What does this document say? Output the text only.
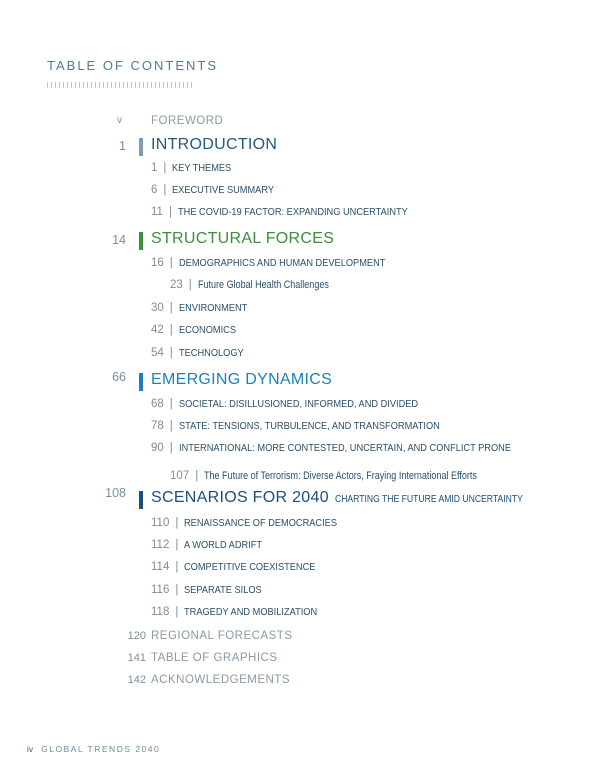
TABLE OF CONTENTS
v	FOREWORD
1 INTRODUCTION
1 | KEY THEMES
6 | EXECUTIVE SUMMARY
11 | THE COVID-19 FACTOR: EXPANDING UNCERTAINTY
14 STRUCTURAL FORCES
16 | DEMOGRAPHICS AND HUMAN DEVELOPMENT
23 | Future Global Health Challenges
30 | ENVIRONMENT
42 | ECONOMICS
54 | TECHNOLOGY
66 EMERGING DYNAMICS
68 | SOCIETAL: DISILLUSIONED, INFORMED, AND DIVIDED
78 | STATE: TENSIONS, TURBULENCE, AND TRANSFORMATION
90 | INTERNATIONAL: MORE CONTESTED, UNCERTAIN, AND CONFLICT PRONE
107 | The Future of Terrorism: Diverse Actors, Fraying International Efforts
108 SCENARIOS FOR 2040 CHARTING THE FUTURE AMID UNCERTAINTY
110 | RENAISSANCE OF DEMOCRACIES
112 | A WORLD ADRIFT
114 | COMPETITIVE COEXISTENCE
116 | SEPARATE SILOS
118 | TRAGEDY AND MOBILIZATION
120 REGIONAL FORECASTS
141 TABLE OF GRAPHICS
142 ACKNOWLEDGEMENTS
iv GLOBAL TRENDS 2040
